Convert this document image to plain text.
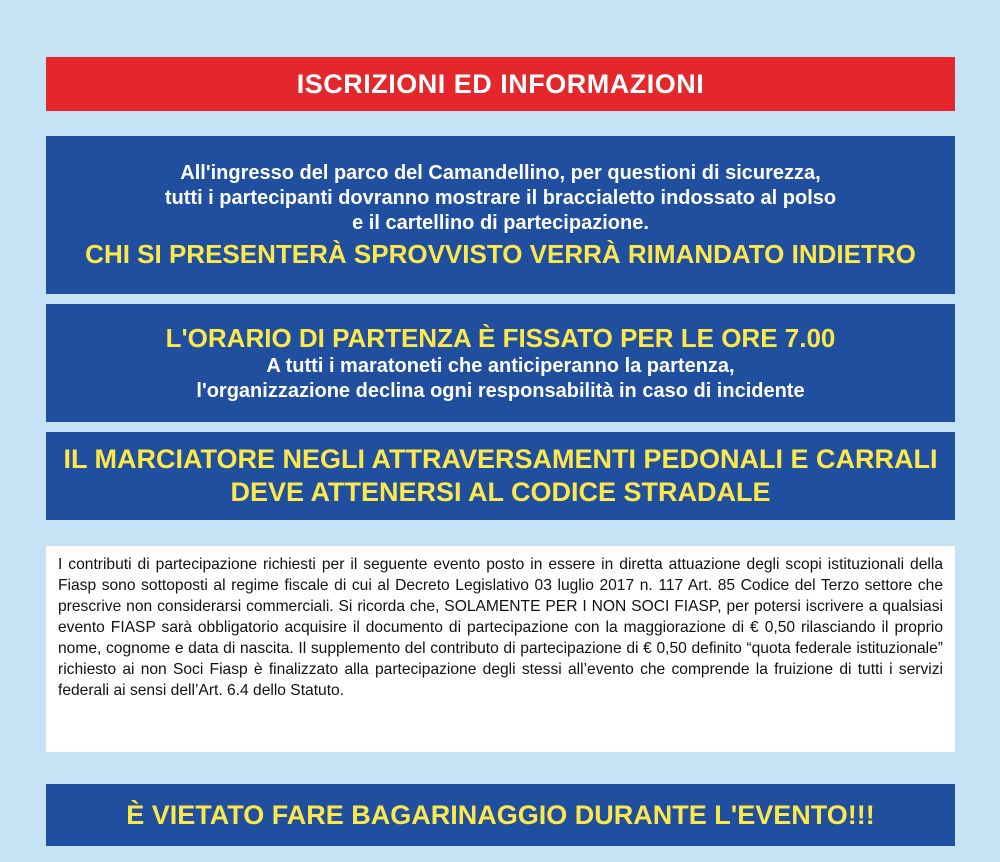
ISCRIZIONI ED INFORMAZIONI
All'ingresso del parco del Camandellino, per questioni di sicurezza,
tutti i partecipanti dovranno mostrare il braccialetto indossato al polso
e il cartellino di partecipazione.
CHI SI PRESENTERÀ SPROVVISTO VERRÀ RIMANDATO INDIETRO
L'ORARIO DI PARTENZA È FISSATO PER LE ORE 7.00
A tutti i maratoneti che anticiperanno la partenza,
l'organizzazione declina ogni responsabilità in caso di incidente
IL MARCIATORE NEGLI ATTRAVERSAMENTI PEDONALI E CARRALI
DEVE ATTENERSI AL CODICE STRADALE
I contributi di partecipazione richiesti per il seguente evento posto in essere in diretta attuazione degli scopi istituzionali della Fiasp sono sottoposti al regime fiscale di cui al Decreto Legislativo 03 luglio 2017 n. 117 Art. 85 Codice del Terzo settore che prescrive non considerarsi commerciali. Si ricorda che, SOLAMENTE PER I NON SOCI FIASP, per potersi iscrivere a qualsiasi evento FIASP sarà obbligatorio acquisire il documento di partecipazione con la maggiorazione di € 0,50 rilasciando il proprio nome, cognome e data di nascita. Il supplemento del contributo di partecipazione di € 0,50 definito “quota federale istituzionale” richiesto ai non Soci Fiasp è finalizzato alla partecipazione degli stessi all’evento che comprende la fruizione di tutti i servizi federali ai sensi dell’Art. 6.4 dello Statuto.
È VIETATO FARE BAGARINAGGIO DURANTE L'EVENTO!!!
